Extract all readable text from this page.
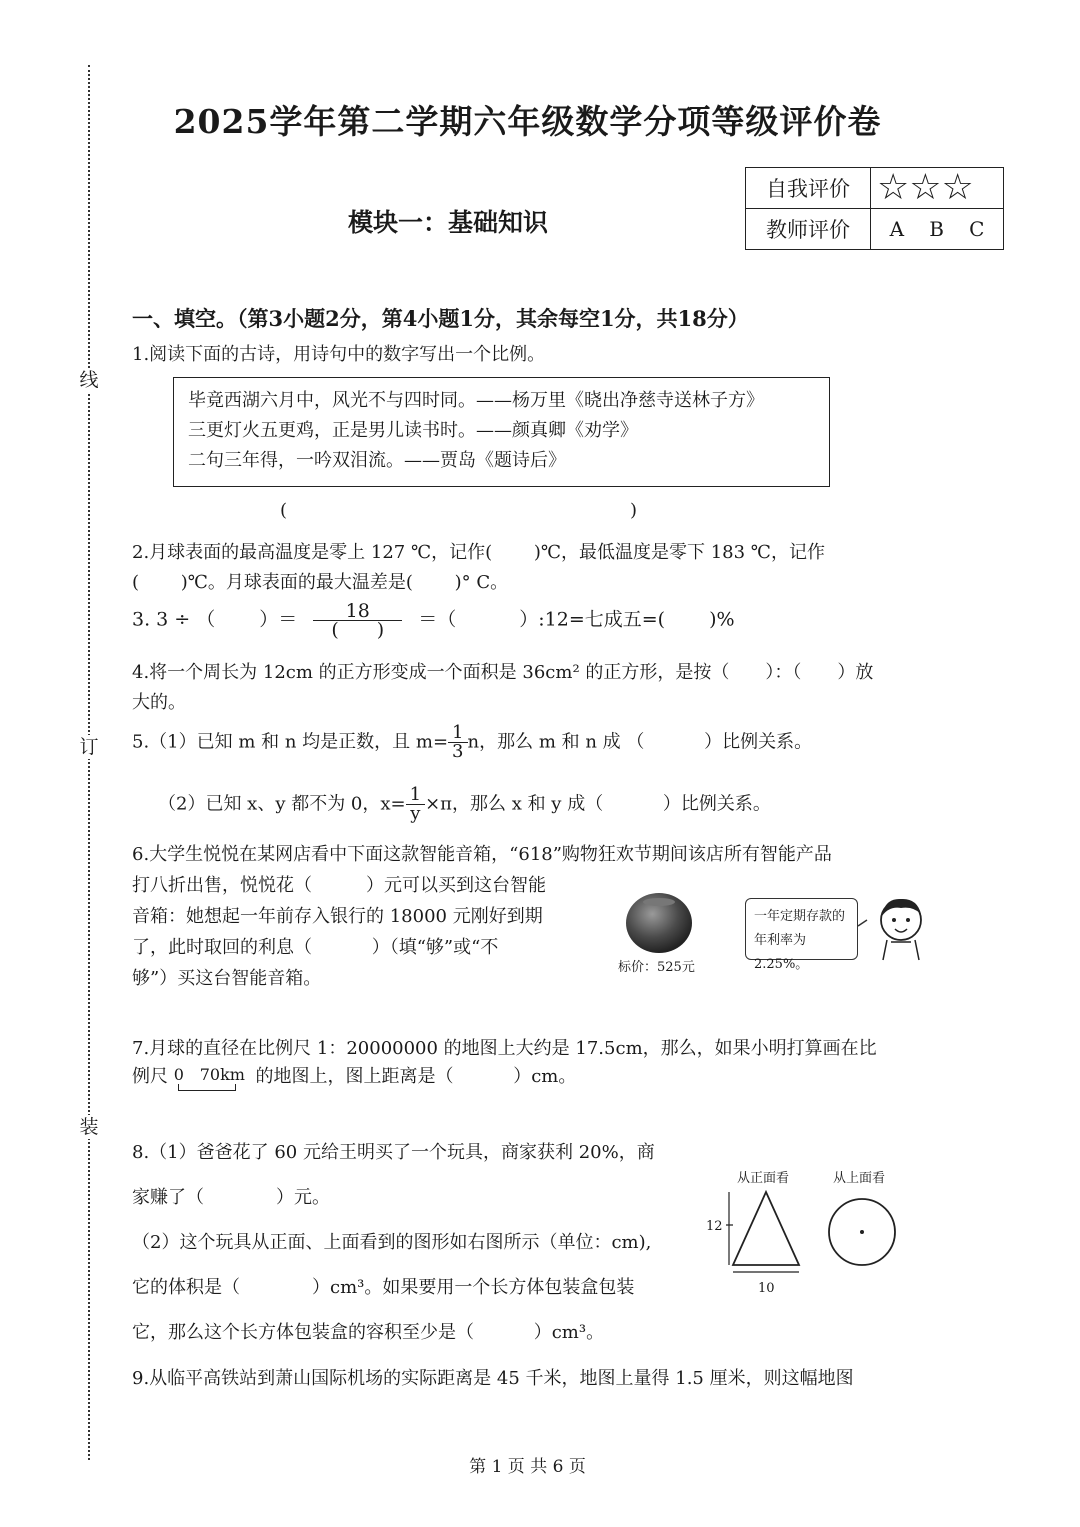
线
订
装
2025学年第二学期六年级数学分项等级评价卷
模块一：基础知识
自我评价	☆☆☆
教师评价	A B C
一、填空。（第3小题2分，第4小题1分，其余每空1分，共18分）
1.阅读下面的古诗，用诗句中的数字写出一个比例。
毕竟西湖六月中，风光不与四时同。——杨万里《晓出净慈寺送林子方》
三更灯火五更鸡，正是男儿读书时。——颜真卿《劝学》
二句三年得，一吟双泪流。——贾岛《题诗后》
(	)
2.月球表面的最高温度是零上 127 ℃，记作(　　 )℃，最低温度是零下 183 ℃，记作
(　　 )℃。月球表面的最大温差是(　　 )° C。
3. 3 ÷ （　　 ）＝ $\frac{18}{( )}$ ＝（　　　 ）:12=七成五=(　　 )%
4.将一个周长为 12cm 的正方形变成一个面积是 36cm² 的正方形，是按（　　）：（　　）放
大的。
5.（1）已知 m 和 n 均是正数，且 $m= \frac{1}{3}$ n，那么 m 和 n 成 （　　　 ）比例关系。
（2）已知 x、y 都不为 0，$x= \frac{1}{y} \times\pi$，那么 x 和 y 成（　　　 ）比例关系。
6.大学生悦悦在某网店看中下面这款智能音箱，“618”购物狂欢节期间该店所有智能产品
打八折出售，悦悦花（　　　）元可以买到这台智能
音箱：她想起一年前存入银行的 18000 元刚好到期
了，此时取回的利息（　　　 ）（填“够”或“不
够”）买这台智能音箱。
标价：525元
一年定期存款的
年利率为2.25%。
7.月球的直径在比例尺 1：20000000 的地图上大约是 17.5cm，那么，如果小明打算画在比
例尺 0 70km 的地图上，图上距离是（　　　 ）cm。
8.（1）爸爸花了 60 元给王明买了一个玩具，商家获利 20%，商
家赚了（　　　　）元。
（2）这个玩具从正面、上面看到的图形如右图所示（单位：cm),
它的体积是（　　　　）cm³。如果要用一个长方体包装盒包装
它，那么这个长方体包装盒的容积至少是（　　　 ）cm³。
从正面看	从上面看
12
10
9.从临平高铁站到萧山国际机场的实际距离是 45 千米，地图上量得 1.5 厘米，则这幅地图
第 1 页 共 6 页
